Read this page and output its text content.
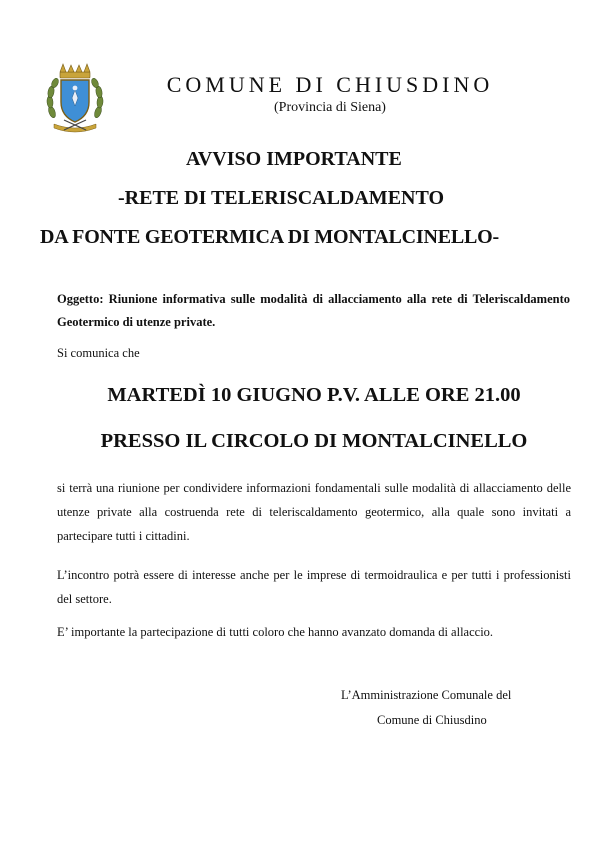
COMUNE DI CHIUSDINO
(Provincia di Siena)
AVVISO IMPORTANTE
-RETE DI TELERISCALDAMENTO
DA FONTE GEOTERMICA DI MONTALCINELLO-
Oggetto: Riunione informativa sulle modalità di allacciamento alla rete di Teleriscaldamento Geotermico di utenze private.
Si comunica che
MARTEDÌ 10 GIUGNO P.V. ALLE ORE 21.00
PRESSO IL CIRCOLO DI MONTALCINELLO
si terrà una riunione per condividere informazioni fondamentali sulle modalità di allacciamento delle utenze private alla costruenda rete di teleriscaldamento geotermico, alla quale sono invitati a partecipare tutti i cittadini.
L’incontro potrà essere di interesse anche per le imprese di termoidraulica e per tutti i professionisti del settore.
E’ importante la partecipazione di tutti coloro che hanno avanzato domanda di allaccio.
L’Amministrazione Comunale del
Comune di Chiusdino
